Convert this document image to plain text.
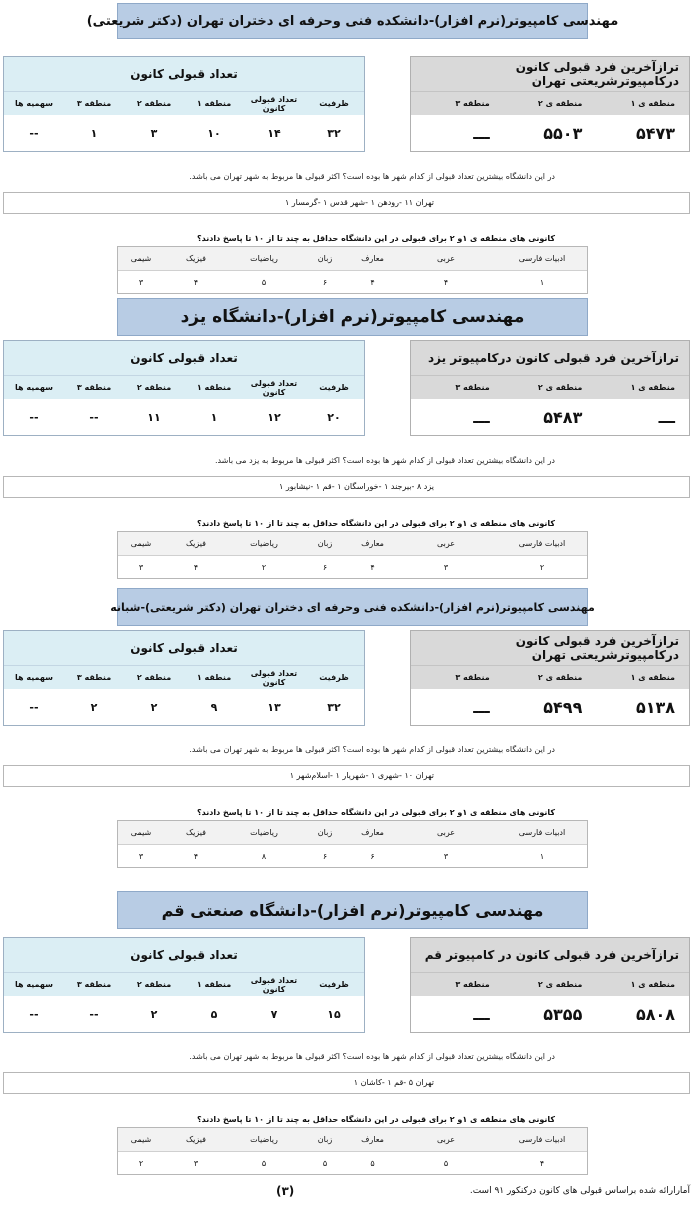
مهندسی کامپیوتر(نرم افزار)-دانشکده فنی وحرفه ای دختران تهران (دکتر شریعتی)
تعداد قبولی کانون
ظرفیت
تعداد قبولی کانون
منطقه ۱
منطقه ۲
منطقه ۳
سهمیه ها
۳۲
۱۴
۱۰
۳
۱
--
ترازآخرین فرد قبولی کانون درکامپیوترشریعتی تهران
منطقه ی ۱
منطقه ی ۲
منطقه ۳
۵۴۷۳
۵۵۰۳
ـــ
در این دانشگاه بیشترین تعداد قبولی از کدام شهر ها بوده است؟ اکثر قبولی ها مربوط به شهر تهران می باشد.
تهران ۱۱ -رودهن ۱ -شهر قدس ۱ -گرمسار ۱
کانونی های منطقه ی ۱و ۲ برای قبولی در این دانشگاه حداقل به چند تا از ۱۰ تا پاسخ دادند؟
ادبیات فارسی
عربی
معارف
زبان
ریاضیات
فیزیک
شیمی
۱
۴
۴
۶
۵
۴
۳
مهندسی کامپیوتر(نرم افزار)-دانشگاه یزد
تعداد قبولی کانون
ظرفیت
تعداد قبولی کانون
منطقه ۱
منطقه ۲
منطقه ۳
سهمیه ها
۲۰
۱۲
۱
۱۱
--
--
ترازآخرین فرد قبولی کانون درکامپیوتر یزد
منطقه ی ۱
منطقه ی ۲
منطقه ۳
ـــ
۵۴۸۳
ـــ
در این دانشگاه بیشترین تعداد قبولی از کدام شهر ها بوده است؟ اکثر قبولی ها مربوط به یزد می باشد.
یزد ۸ -بیرجند ۱ -خوراسگان ۱ -قم ۱ -نیشابور ۱
کانونی های منطقه ی ۱و ۲ برای قبولی در این دانشگاه حداقل به چند تا از ۱۰ تا پاسخ دادند؟
ادبیات فارسی
عربی
معارف
زبان
ریاضیات
فیزیک
شیمی
۲
۳
۴
۶
۲
۴
۳
مهندسی کامپیوتر(نرم افزار)-دانشکده فنی وحرفه ای دختران تهران (دکتر شریعتی)-شبانه
تعداد قبولی کانون
ظرفیت
تعداد قبولی کانون
منطقه ۱
منطقه ۲
منطقه ۳
سهمیه ها
۳۲
۱۳
۹
۲
۲
--
ترازآخرین فرد قبولی کانون درکامپیوترشریعتی تهران
منطقه ی ۱
منطقه ی ۲
منطقه ۳
۵۱۳۸
۵۴۹۹
ـــ
در این دانشگاه بیشترین تعداد قبولی از کدام شهر ها بوده است؟ اکثر قبولی ها مربوط به شهر تهران می باشد.
تهران ۱۰ -شهری ۱ -شهریار ۱ -اسلام‌شهر ۱
کانونی های منطقه ی ۱و ۲ برای قبولی در این دانشگاه حداقل به چند تا از ۱۰ تا پاسخ دادند؟
ادبیات فارسی
عربی
معارف
زبان
ریاضیات
فیزیک
شیمی
۱
۳
۶
۶
۸
۴
۳
مهندسی کامپیوتر(نرم افزار)-دانشگاه صنعتی قم
تعداد قبولی کانون
ظرفیت
تعداد قبولی کانون
منطقه ۱
منطقه ۲
منطقه ۳
سهمیه ها
۱۵
۷
۵
۲
--
--
ترازآخرین فرد قبولی کانون در کامپیوتر قم
منطقه ی ۱
منطقه ی ۲
منطقه ۳
۵۸۰۸
۵۳۵۵
ـــ
در این دانشگاه بیشترین تعداد قبولی از کدام شهر ها بوده است؟ اکثر قبولی ها مربوط به شهر تهران می باشد.
تهران ۵ -قم ۱ -کاشان ۱
کانونی های منطقه ی ۱و ۲ برای قبولی در این دانشگاه حداقل به چند تا از ۱۰ تا پاسخ دادند؟
ادبیات فارسی
عربی
معارف
زبان
ریاضیات
فیزیک
شیمی
۴
۵
۵
۵
۵
۳
۲
(۳)	آمارارائه شده براساس قبولی های کانون درکنکور ۹۱ است.
